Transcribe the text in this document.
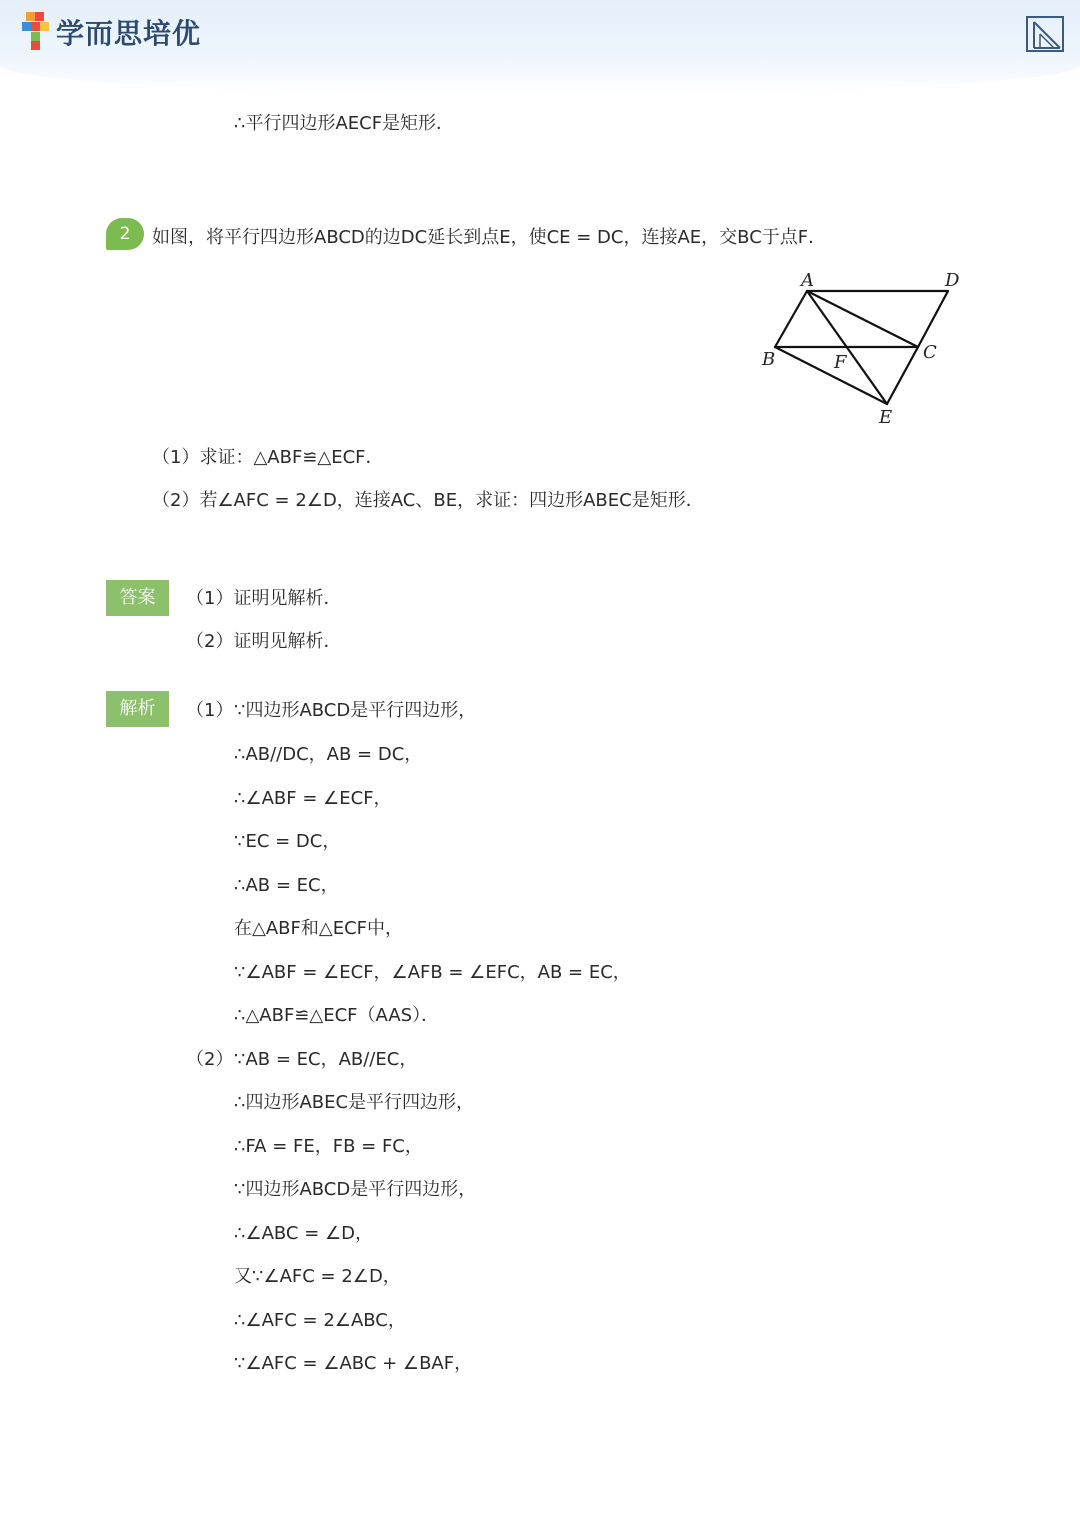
学而思培优
∴平行四边形AECF是矩形．
2	如图，将平行四边形ABCD的边DC延长到点E，使CE = DC，连接AE，交BC于点F．
A	D
B	C
F
E
（1）求证：△ABF≌△ECF．
（2）若∠AFC = 2∠D，连接AC、BE，求证：四边形ABEC是矩形．
答案	（1）证明见解析．
（2）证明见解析．
解析	（1） ∵四边形ABCD是平行四边形，
∴AB//DC，AB = DC，
∴∠ABF = ∠ECF，
∵EC = DC，
∴AB = EC，
在△ABF和△ECF中，
∵∠ABF = ∠ECF，∠AFB = ∠EFC，AB = EC，
∴△ABF≌△ECF（AAS）．
（2） ∵AB = EC，AB//EC，
∴四边形ABEC是平行四边形，
∴FA = FE，FB = FC，
∵四边形ABCD是平行四边形，
∴∠ABC = ∠D，
又∵∠AFC = 2∠D，
∴∠AFC = 2∠ABC，
∵∠AFC = ∠ABC + ∠BAF，
